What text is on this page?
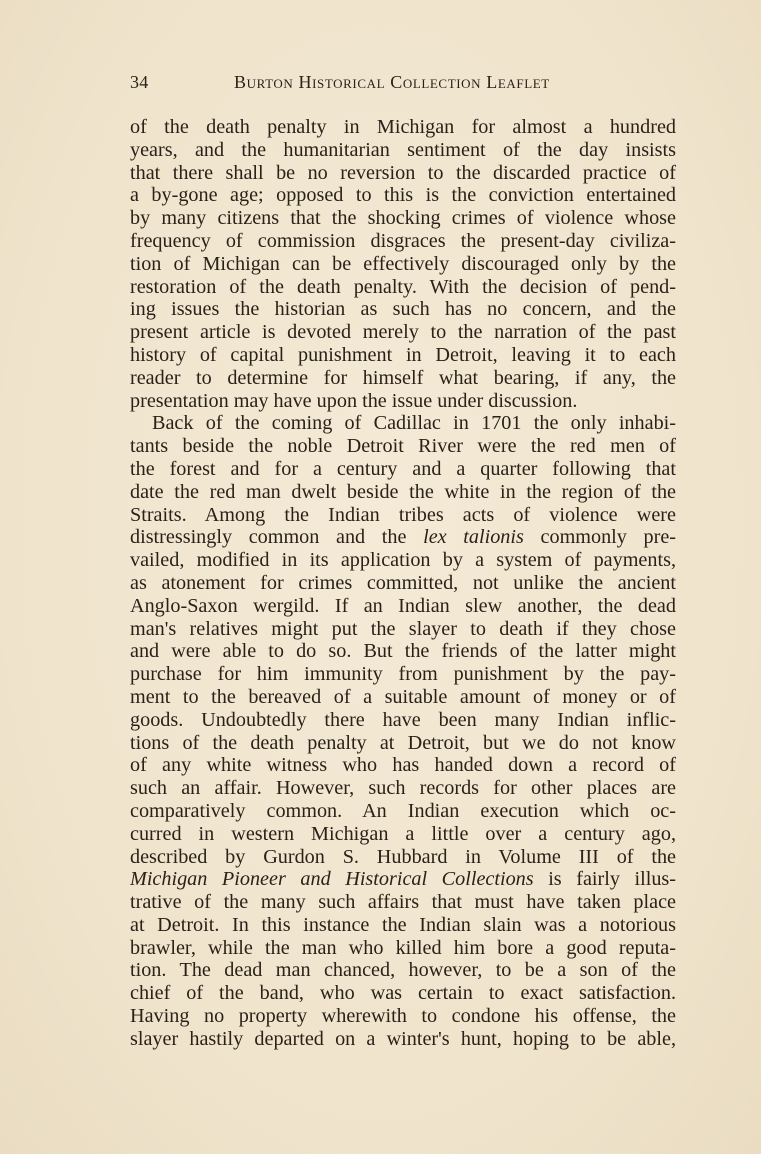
34	Burton Historical Collection Leaflet
of the death penalty in Michigan for almost a hundred
years, and the humanitarian sentiment of the day insists
that there shall be no reversion to the discarded practice of
a by-gone age; opposed to this is the conviction entertained
by many citizens that the shocking crimes of violence whose
frequency of commission disgraces the present-day civiliza-
tion of Michigan can be effectively discouraged only by the
restoration of the death penalty. With the decision of pend-
ing issues the historian as such has no concern, and the
present article is devoted merely to the narration of the past
history of capital punishment in Detroit, leaving it to each
reader to determine for himself what bearing, if any, the
presentation may have upon the issue under discussion.
Back of the coming of Cadillac in 1701 the only inhabi-
tants beside the noble Detroit River were the red men of
the forest and for a century and a quarter following that
date the red man dwelt beside the white in the region of the
Straits. Among the Indian tribes acts of violence were
distressingly common and the lex talionis commonly pre-
vailed, modified in its application by a system of payments,
as atonement for crimes committed, not unlike the ancient
Anglo-Saxon wergild. If an Indian slew another, the dead
man's relatives might put the slayer to death if they chose
and were able to do so. But the friends of the latter might
purchase for him immunity from punishment by the pay-
ment to the bereaved of a suitable amount of money or of
goods. Undoubtedly there have been many Indian inflic-
tions of the death penalty at Detroit, but we do not know
of any white witness who has handed down a record of
such an affair. However, such records for other places are
comparatively common. An Indian execution which oc-
curred in western Michigan a little over a century ago,
described by Gurdon S. Hubbard in Volume III of the
Michigan Pioneer and Historical Collections is fairly illus-
trative of the many such affairs that must have taken place
at Detroit. In this instance the Indian slain was a notorious
brawler, while the man who killed him bore a good reputa-
tion. The dead man chanced, however, to be a son of the
chief of the band, who was certain to exact satisfaction.
Having no property wherewith to condone his offense, the
slayer hastily departed on a winter's hunt, hoping to be able,
